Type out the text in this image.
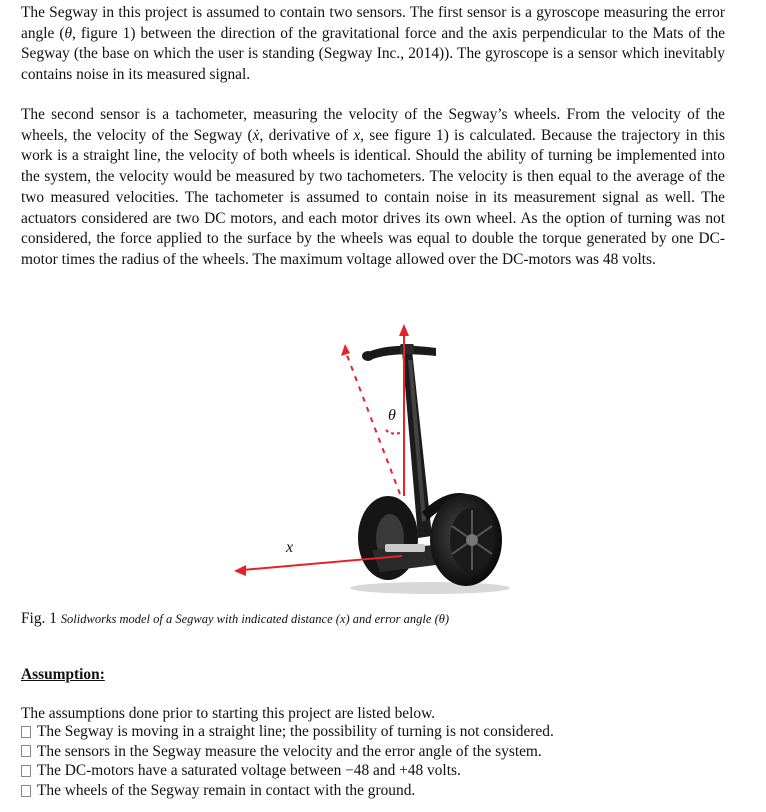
The Segway in this project is assumed to contain two sensors. The first sensor is a gyroscope measuring the error angle (θ, figure 1) between the direction of the gravitational force and the axis perpendicular to the Mats of the Segway (the base on which the user is standing (Segway Inc., 2014)). The gyroscope is a sensor which inevitably contains noise in its measured signal.

The second sensor is a tachometer, measuring the velocity of the Segway’s wheels. From the velocity of the wheels, the velocity of the Segway (ẋ, derivative of x, see figure 1) is calculated. Because the trajectory in this work is a straight line, the velocity of both wheels is identical. Should the ability of turning be implemented into the system, the velocity would be measured by two tachometers. The velocity is then equal to the average of the two measured velocities. The tachometer is assumed to contain noise in its measurement signal as well. The actuators considered are two DC motors, and each motor drives its own wheel. As the option of turning was not considered, the force applied to the surface by the wheels was equal to double the torque generated by one DC-motor times the radius of the wheels. The maximum voltage allowed over the DC-motors was 48 volts.

θ
x
Fig. 1 Solidworks model of a Segway with indicated distance (x) and error angle (θ)
Assumption:

The assumptions done prior to starting this project are listed below.

The Segway is moving in a straight line; the possibility of turning is not considered.
The sensors in the Segway measure the velocity and the error angle of the system.
The DC-motors have a saturated voltage between −48 and +48 volts.
The wheels of the Segway remain in contact with the ground.
